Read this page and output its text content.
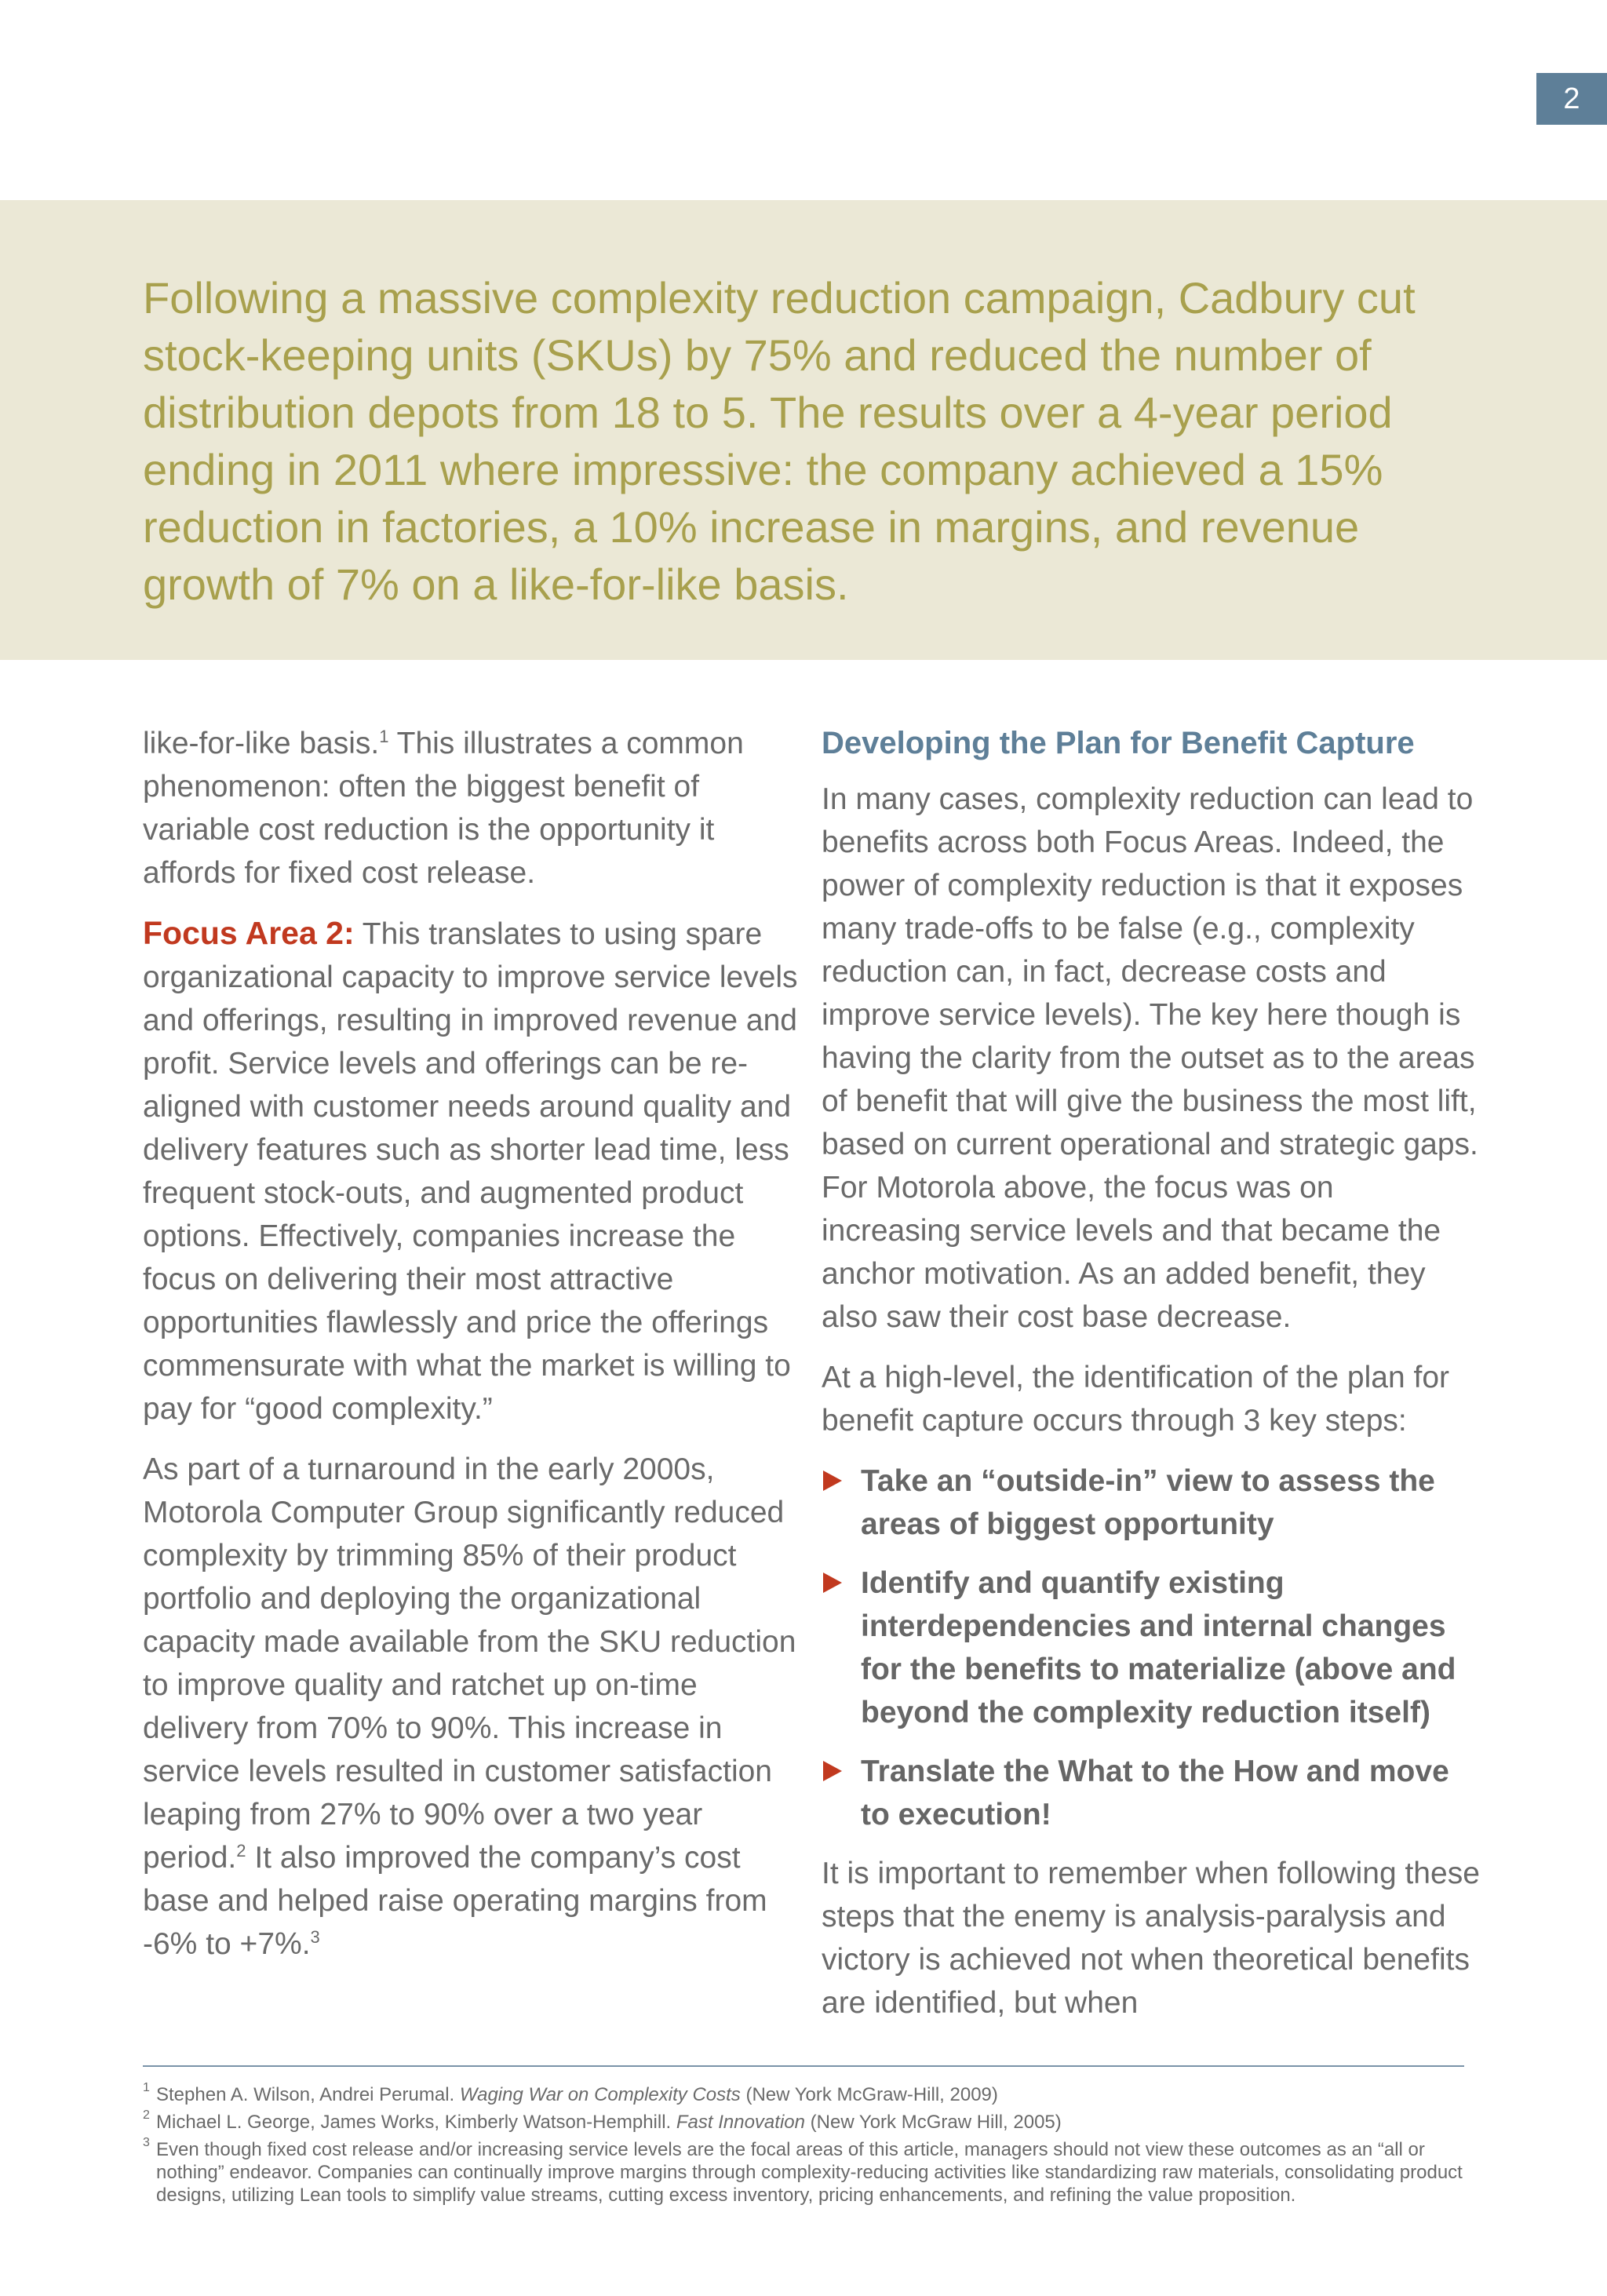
2

Following a massive complexity reduction campaign, Cadbury cut stock-keeping units (SKUs) by 75% and reduced the number of distribution depots from 18 to 5. The results over a 4-year period ending in 2011 where impressive: the company achieved a 15% reduction in factories, a 10% increase in margins, and revenue growth of 7% on a like-for-like basis.

like-for-like basis.$^1$ This illustrates a common phenomenon: often the biggest benefit of variable cost reduction is the opportunity it affords for fixed cost release.

Focus Area 2: This translates to using spare organizational capacity to improve service levels and offerings, resulting in improved revenue and profit. Service levels and offerings can be re-aligned with customer needs around quality and delivery features such as shorter lead time, less frequent stock-outs, and augmented product options. Effectively, companies increase the focus on delivering their most attractive opportunities flawlessly and price the offerings commensurate with what the market is willing to pay for “good complexity.”

As part of a turnaround in the early 2000s, Motorola Computer Group significantly reduced complexity by trimming 85% of their product portfolio and deploying the organizational capacity made available from the SKU reduction to improve quality and ratchet up on-time delivery from 70% to 90%. This increase in service levels resulted in customer satisfaction leaping from 27% to 90% over a two year period.$^2$ It also improved the company’s cost base and helped raise operating margins from -6% to +7%.$^3$

Developing the Plan for Benefit Capture

In many cases, complexity reduction can lead to benefits across both Focus Areas. Indeed, the power of complexity reduction is that it exposes many trade-offs to be false (e.g., complexity reduction can, in fact, decrease costs and improve service levels). The key here though is having the clarity from the outset as to the areas of benefit that will give the business the most lift, based on current operational and strategic gaps. For Motorola above, the focus was on increasing service levels and that became the anchor motivation. As an added benefit, they also saw their cost base decrease.

At a high-level, the identification of the plan for benefit capture occurs through 3 key steps:

Take an “outside-in” view to assess the areas of biggest opportunity
Identify and quantify existing interdependencies and internal changes for the benefits to materialize (above and beyond the complexity reduction itself)
Translate the What to the How and move to execution!

It is important to remember when following these steps that the enemy is analysis-paralysis and victory is achieved not when theoretical benefits are identified, but when

1 Stephen A. Wilson, Andrei Perumal. Waging War on Complexity Costs (New York McGraw-Hill, 2009)
2 Michael L. George, James Works, Kimberly Watson-Hemphill. Fast Innovation (New York McGraw Hill, 2005)
3 Even though fixed cost release and/or increasing service levels are the focal areas of this article, managers should not view these outcomes as an “all or nothing” endeavor. Companies can continually improve margins through complexity-reducing activities like standardizing raw materials, consolidating product designs, utilizing Lean tools to simplify value streams, cutting excess inventory, pricing enhancements, and refining the value proposition.
